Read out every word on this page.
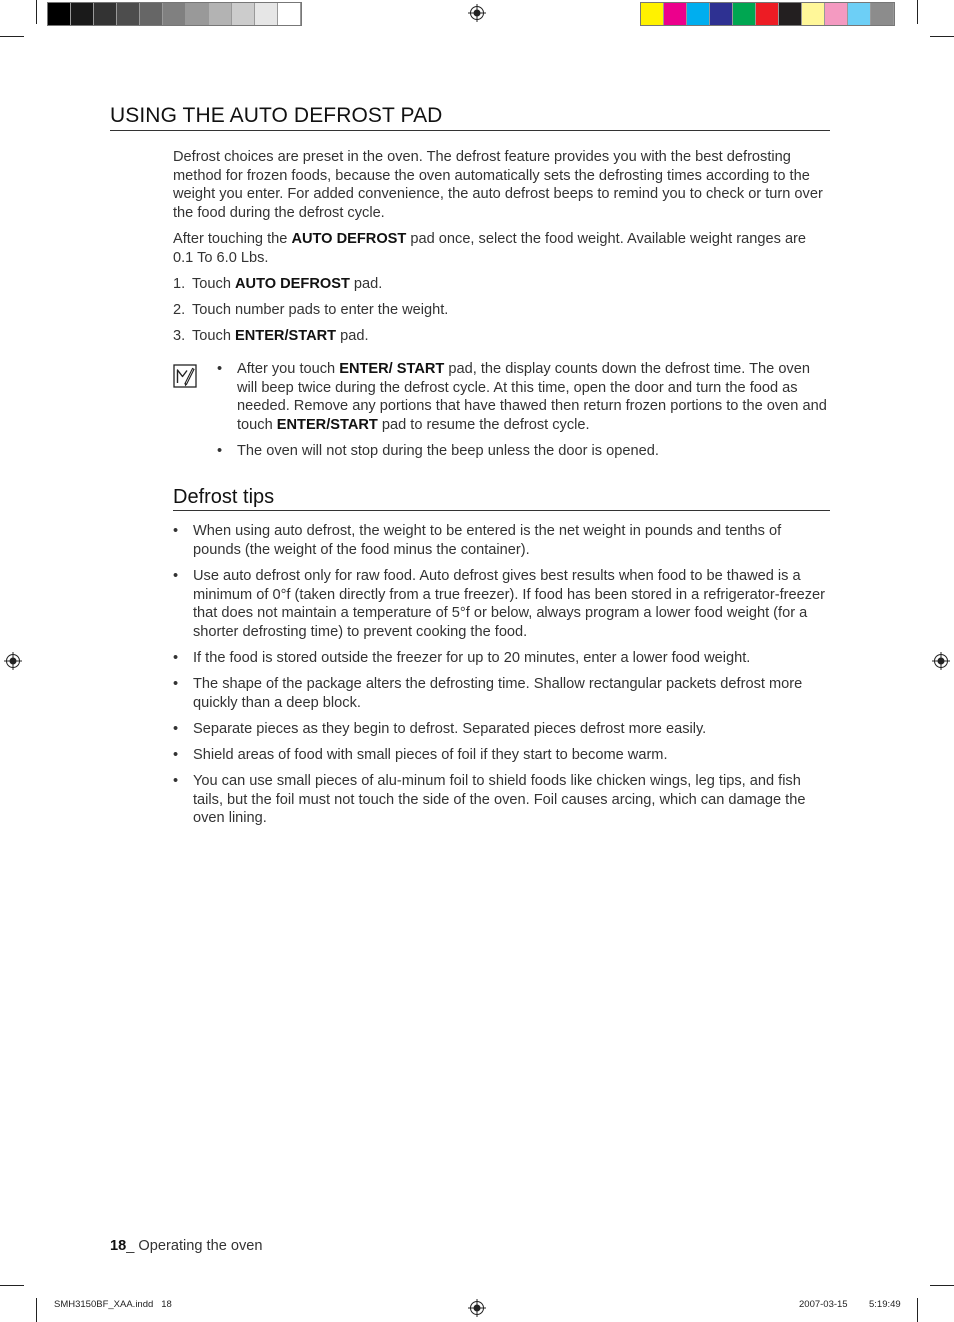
USING THE AUTO DEFROST PAD

Defrost choices are preset in the oven. The defrost feature provides you with the best defrosting method for frozen foods, because the oven automatically sets the defrosting times according to the weight you enter. For added convenience, the auto defrost beeps to remind you to check or turn over the food during the defrost cycle.

After touching the AUTO DEFROST pad once, select the food weight. Available weight ranges are 0.1 To 6.0 Lbs.

1. Touch AUTO DEFROST pad.

2. Touch number pads to enter the weight.

3. Touch ENTER/START pad.

• After you touch ENTER/ START pad, the display counts down the defrost time. The oven will beep twice during the defrost cycle. At this time, open the door and turn the food as needed. Remove any portions that have thawed then return frozen portions to the oven and touch ENTER/START pad to resume the defrost cycle.

• The oven will not stop during the beep unless the door is opened.

Defrost tips

• When using auto defrost, the weight to be entered is the net weight in pounds and tenths of pounds (the weight of the food minus the container).

• Use auto defrost only for raw food. Auto defrost gives best results when food to be thawed is a minimum of 0°f (taken directly from a true freezer). If food has been stored in a refrigerator-freezer that does not maintain a temperature of 5°f or below, always program a lower food weight (for a shorter defrosting time) to prevent cooking the food.

• If the food is stored outside the freezer for up to 20 minutes, enter a lower food weight.

• The shape of the package alters the defrosting time. Shallow rectangular packets defrost more quickly than a deep block.

• Separate pieces as they begin to defrost. Separated pieces defrost more easily.

• Shield areas of food with small pieces of foil if they start to become warm.

• You can use small pieces of alu-minum foil to shield foods like chicken wings, leg tips, and fish tails, but the foil must not touch the side of the oven. Foil causes arcing, which can damage the oven lining.

18_ Operating the oven
SMH3150BF_XAA.indd   18	2007-03-15 5:19:49
